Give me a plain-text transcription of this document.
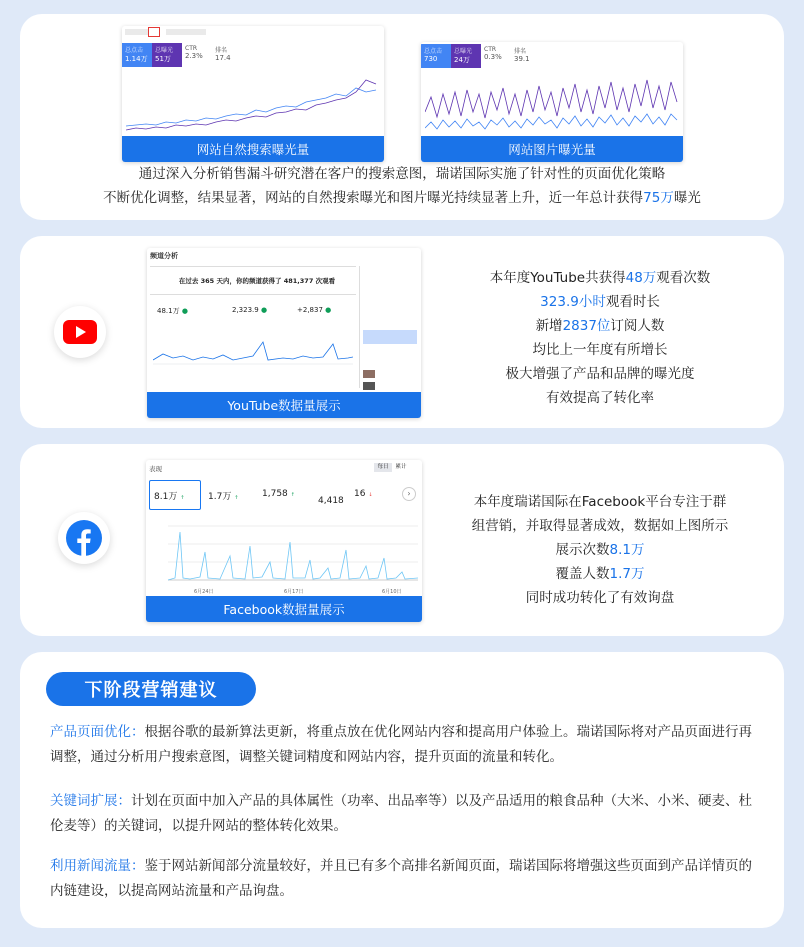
总点击
1.14万
总曝光
51万
CTR
2.3%
排名
17.4
网站自然搜索曝光量
总点击
730
总曝光
24万
CTR
0.3%
排名
39.1
网站图片曝光量
通过深入分析销售漏斗研究潜在客户的搜索意图，瑞诺国际实施了针对性的页面优化策略
不断优化调整，结果显著，网站的自然搜索曝光和图片曝光持续显著上升，近一年总计获得75万曝光
频道分析
在过去 365 天内，你的频道获得了 481,377 次观看
48.1万 ●	2,323.9 ●	+2,837 ●
YouTube数据量展示
本年度YouTube共获得48万观看次数
323.9小时观看时长
新增2837位订阅人数
均比上一年度有所增长
极大增强了产品和品牌的曝光度
有效提高了转化率
表现	每日	累计
8.1万 ↑	1.7万 ↑	1,758 ↑
4,418
16 ↓	›
6月24日	6月17日	6月10日
Facebook数据量展示
本年度瑞诺国际在Facebook平台专注于群
组营销，并取得显著成效，数据如上图所示
展示次数8.1万
覆盖人数1.7万
同时成功转化了有效询盘
下阶段营销建议
产品页面优化：根据谷歌的最新算法更新，将重点放在优化网站内容和提高用户体验上。瑞诺国际将对产品页面进行再调整，通过分析用户搜索意图，调整关键词精度和网站内容，提升页面的流量和转化。
关键词扩展：计划在页面中加入产品的具体属性（功率、出品率等）以及产品适用的粮食品种（大米、小米、硬麦、杜伦麦等）的关键词，以提升网站的整体转化效果。
利用新闻流量：鉴于网站新闻部分流量较好，并且已有多个高排名新闻页面，瑞诺国际将增强这些页面到产品详情页的内链建设，以提高网站流量和产品询盘。
